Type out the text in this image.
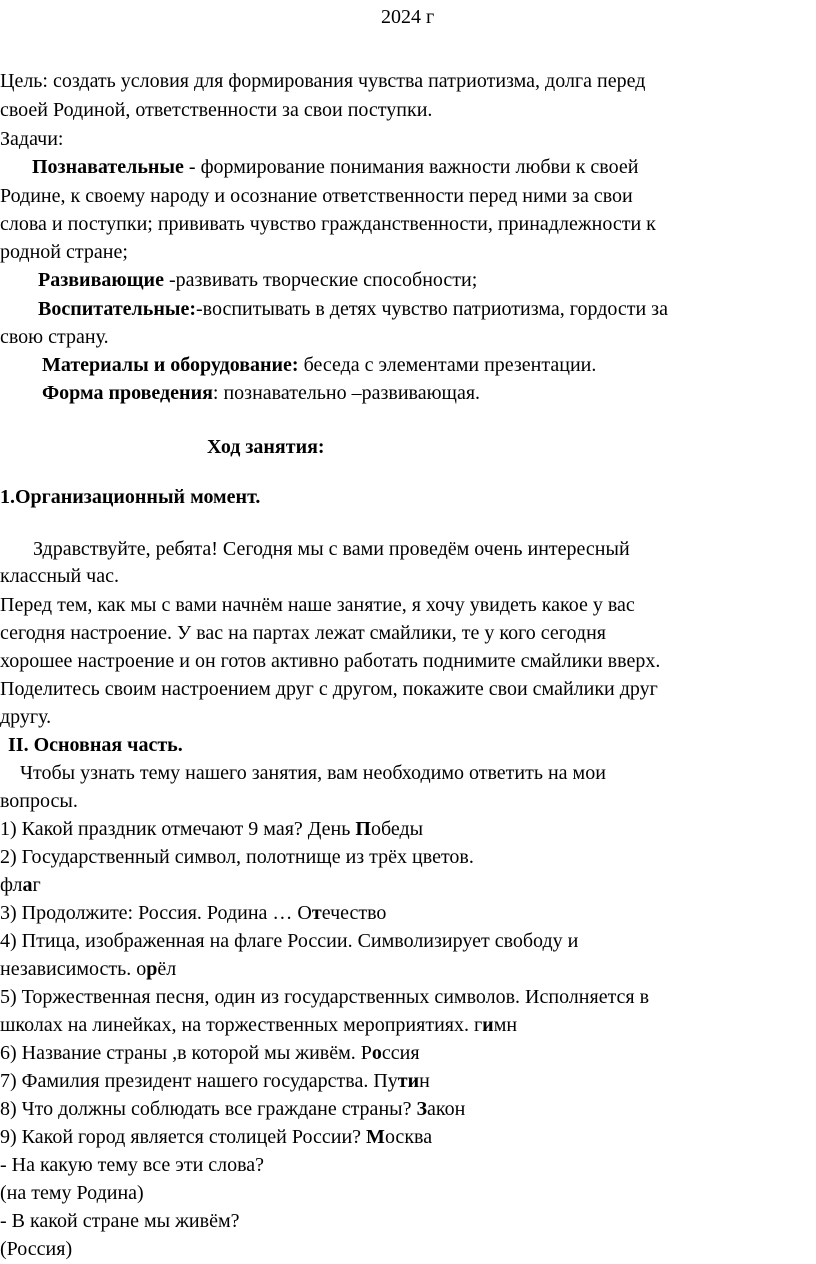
2024 г
Цель: создать условия для формирования чувства патриотизма, долга перед
своей Родиной, ответственности за свои поступки.
Задачи:
Познавательные - формирование понимания важности любви к своей
Родине, к своему народу и осознание ответственности перед ними за свои
слова и поступки; прививать чувство гражданственности, принадлежности к
родной стране;
Развивающие -развивать творческие способности;
Воспитательные:-воспитывать в детях чувство патриотизма, гордости за
свою страну.
Материалы и оборудование: беседа с элементами презентации.
Форма проведения: познавательно –развивающая.
Ход занятия:
1.Организационный момент.
Здравствуйте, ребята! Сегодня мы с вами проведём очень интересный
классный час.
Перед тем, как мы с вами начнём наше занятие, я хочу увидеть какое у вас
сегодня настроение. У вас на партах лежат смайлики, те у кого сегодня
хорошее настроение и он готов активно работать поднимите смайлики вверх.
Поделитесь своим настроением друг с другом, покажите свои смайлики друг
другу.
II. Основная часть.
Чтобы узнать тему нашего занятия, вам необходимо ответить на мои
вопросы.
1) Какой праздник отмечают 9 мая? День Победы
2) Государственный символ, полотнище из трёх цветов.
флаг
3) Продолжите: Россия. Родина … Отечество
4) Птица, изображенная на флаге России. Символизирует свободу и
независимость. орёл
5) Торжественная песня, один из государственных символов. Исполняется в
школах на линейках, на торжественных мероприятиях. гимн
6) Название страны ,в которой мы живём. Россия
7) Фамилия президент нашего государства. Путин
8) Что должны соблюдать все граждане страны? Закон
9) Какой город является столицей России? Москва
- На какую тему все эти слова?
(на тему Родина)
- В какой стране мы живём?
(Россия)
